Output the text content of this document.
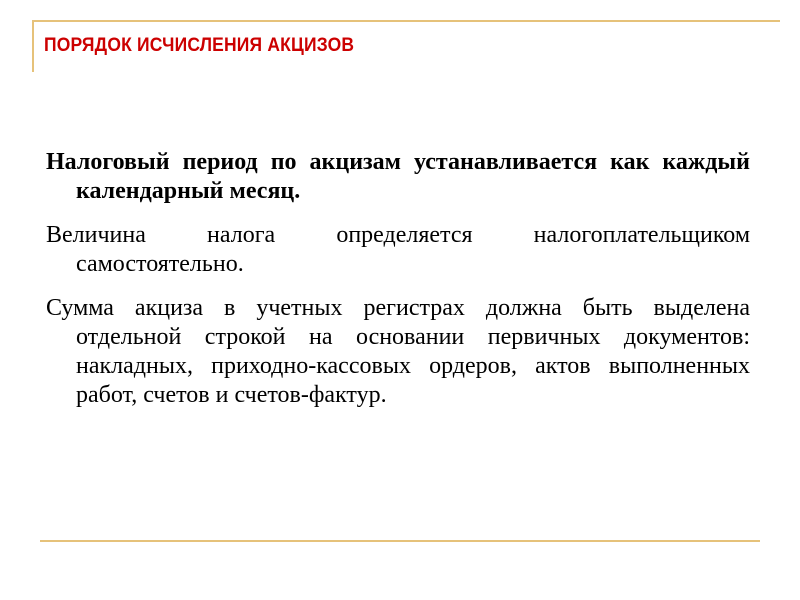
ПОРЯДОК ИСЧИСЛЕНИЯ АКЦИЗОВ

Налоговый период по акцизам устанавливается как каждый календарный месяц.

Величина налога определяется налогоплательщиком самостоятельно.

Сумма акциза в учетных регистрах должна быть выделена отдельной строкой на основании первичных документов: накладных, приходно-кассовых ордеров, актов выполненных работ, счетов и счетов-фактур.
